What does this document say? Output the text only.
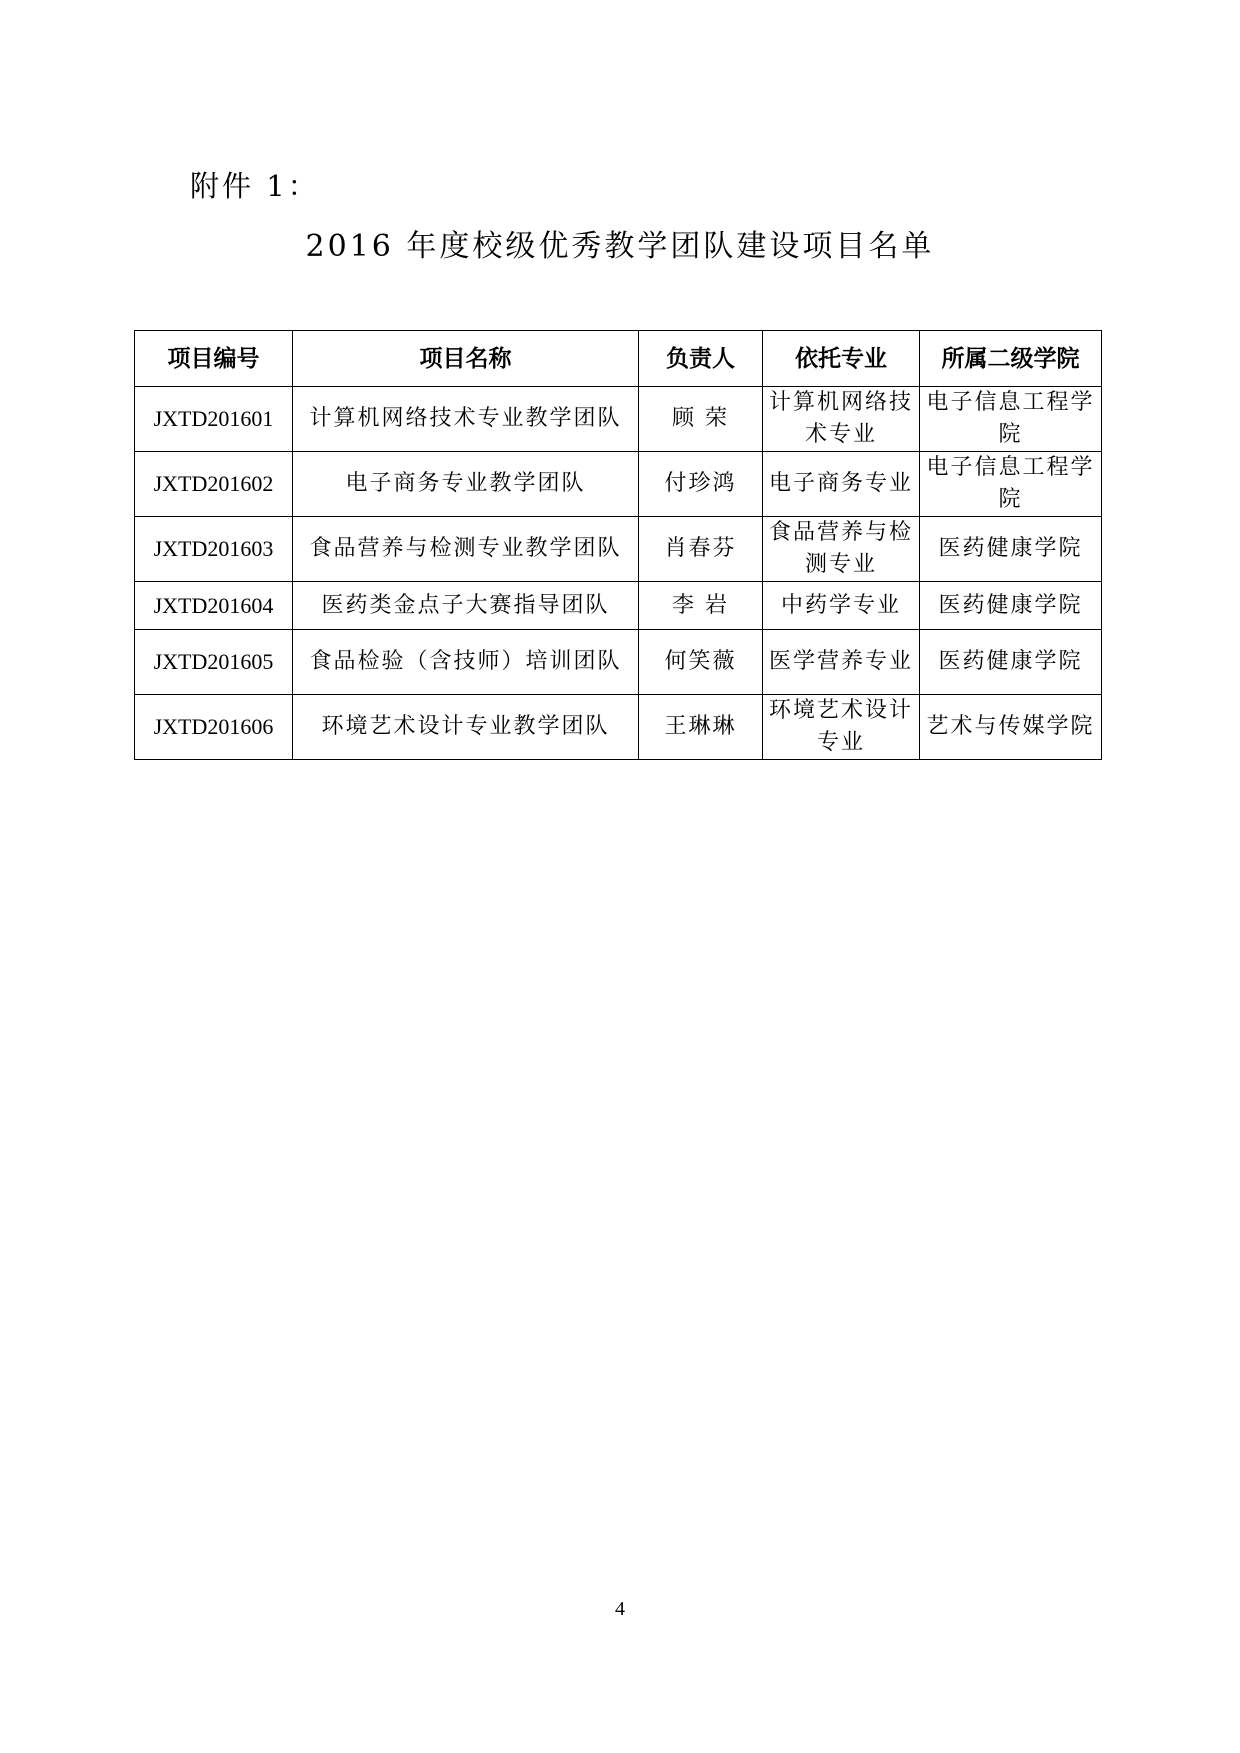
附件 1：
2016 年度校级优秀教学团队建设项目名单
项目编号	项目名称	负责人	依托专业	所属二级学院
JXTD201601	计算机网络技术专业教学团队	顾 荣	计算机网络技术专业	电子信息工程学院
JXTD201602	电子商务专业教学团队	付珍鸿	电子商务专业	电子信息工程学院
JXTD201603	食品营养与检测专业教学团队	肖春芬	食品营养与检测专业	医药健康学院
JXTD201604	医药类金点子大赛指导团队	李 岩	中药学专业	医药健康学院
JXTD201605	食品检验（含技师）培训团队	何笑薇	医学营养专业	医药健康学院
JXTD201606	环境艺术设计专业教学团队	王琳琳	环境艺术设计专业	艺术与传媒学院
4
